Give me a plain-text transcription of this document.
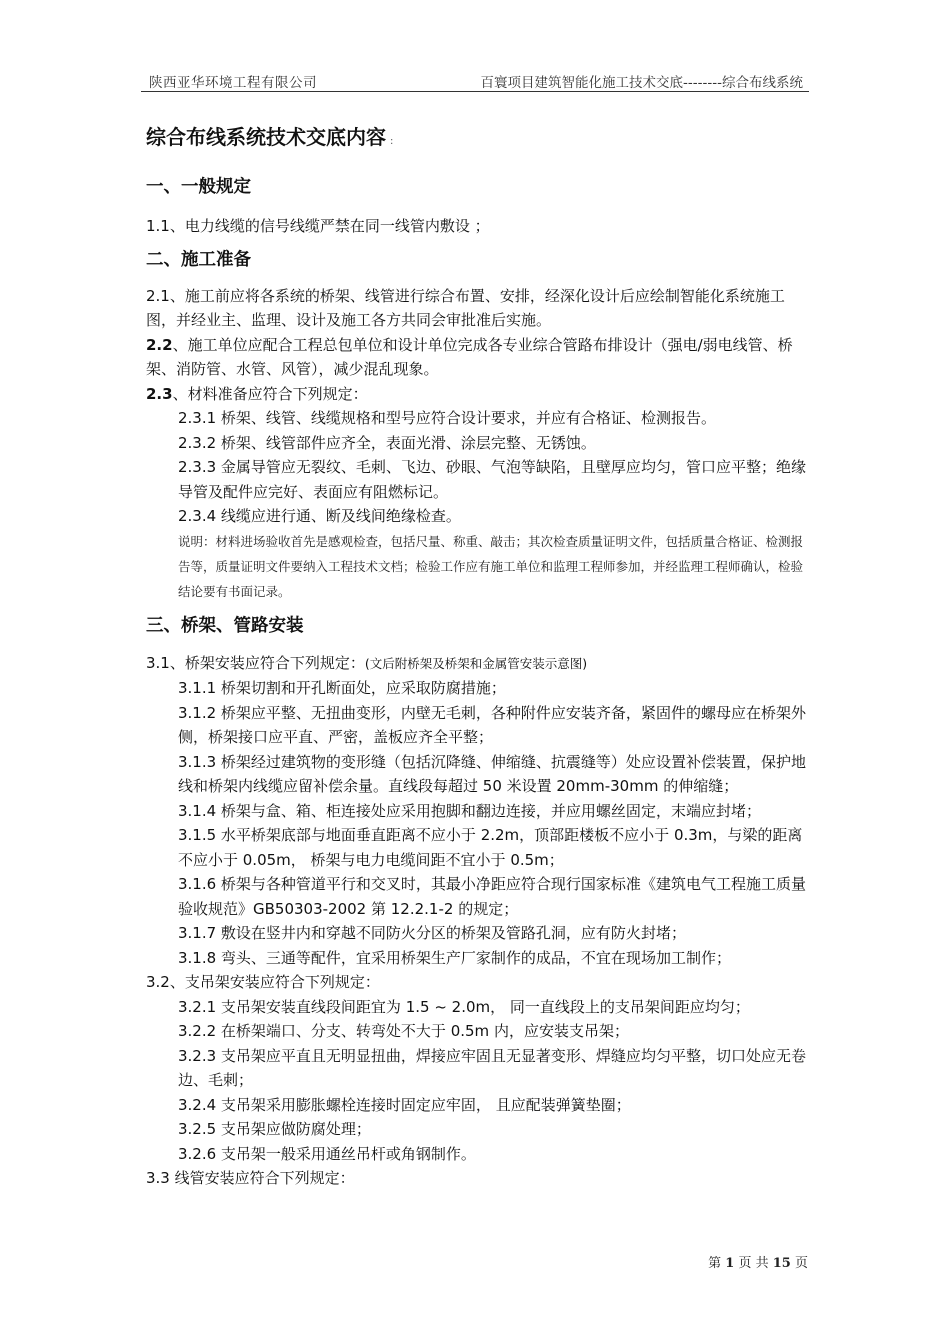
陕西亚华环境工程有限公司	百寰项目建筑智能化施工技术交底--------综合布线系统
综合布线系统技术交底内容 :
一、一般规定
1.1、电力线缆的信号线缆严禁在同一线管内敷设 ；
二、施工准备
2.1、施工前应将各系统的桥架、线管进行综合布置、安排，经深化设计后应绘制智能化系统施工图，并经业主、监理、设计及施工各方共同会审批准后实施。
2.2、施工单位应配合工程总包单位和设计单位完成各专业综合管路布排设计（强电/弱电线管、桥架、消防管、水管、风管），减少混乱现象。
2.3、材料准备应符合下列规定：
2.3.1 桥架、线管、线缆规格和型号应符合设计要求，并应有合格证、检测报告。
2.3.2 桥架、线管部件应齐全，表面光滑、涂层完整、无锈蚀。
2.3.3 金属导管应无裂纹、毛刺、飞边、砂眼、气泡等缺陷，且壁厚应均匀，管口应平整；绝缘导管及配件应完好、表面应有阻燃标记。
2.3.4 线缆应进行通、断及线间绝缘检查。
说明：材料进场验收首先是感观检查，包括尺量、称重、敲击；其次检查质量证明文件，包括质量合格证、检测报告等，质量证明文件要纳入工程技术文档；检验工作应有施工单位和监理工程师参加，并经监理工程师确认，检验结论要有书面记录。
三、桥架、管路安装
3.1、桥架安装应符合下列规定：(文后附桥架及桥架和金属管安装示意图)
3.1.1 桥架切割和开孔断面处，应采取防腐措施；
3.1.2 桥架应平整、无扭曲变形，内壁无毛刺，各种附件应安装齐备，紧固件的螺母应在桥架外侧，桥架接口应平直、严密，盖板应齐全平整；
3.1.3 桥架经过建筑物的变形缝（包括沉降缝、伸缩缝、抗震缝等）处应设置补偿装置，保护地线和桥架内线缆应留补偿余量。直线段每超过 50 米设置 20mm-30mm 的伸缩缝；
3.1.4 桥架与盒、箱、柜连接处应采用抱脚和翻边连接，并应用螺丝固定，末端应封堵；
3.1.5 水平桥架底部与地面垂直距离不应小于 2.2m，顶部距楼板不应小于 0.3m，与梁的距离不应小于 0.05m， 桥架与电力电缆间距不宜小于 0.5m；
3.1.6 桥架与各种管道平行和交叉时，其最小净距应符合现行国家标准《建筑电气工程施工质量验收规范》GB50303-2002 第 12.2.1-2 的规定；
3.1.7 敷设在竖井内和穿越不同防火分区的桥架及管路孔洞，应有防火封堵；
3.1.8 弯头、三通等配件，宜采用桥架生产厂家制作的成品，不宜在现场加工制作；
3.2、支吊架安装应符合下列规定：
3.2.1 支吊架安装直线段间距宜为 1.5 ~ 2.0m， 同一直线段上的支吊架间距应均匀；
3.2.2 在桥架端口、分支、转弯处不大于 0.5m 内，应安装支吊架；
3.2.3 支吊架应平直且无明显扭曲，焊接应牢固且无显著变形、焊缝应均匀平整，切口处应无卷边、毛刺；
3.2.4 支吊架采用膨胀螺栓连接时固定应牢固， 且应配装弹簧垫圈；
3.2.5 支吊架应做防腐处理；
3.2.6 支吊架一般采用通丝吊杆或角钢制作。
3.3 线管安装应符合下列规定：
第 1 页 共 15 页
